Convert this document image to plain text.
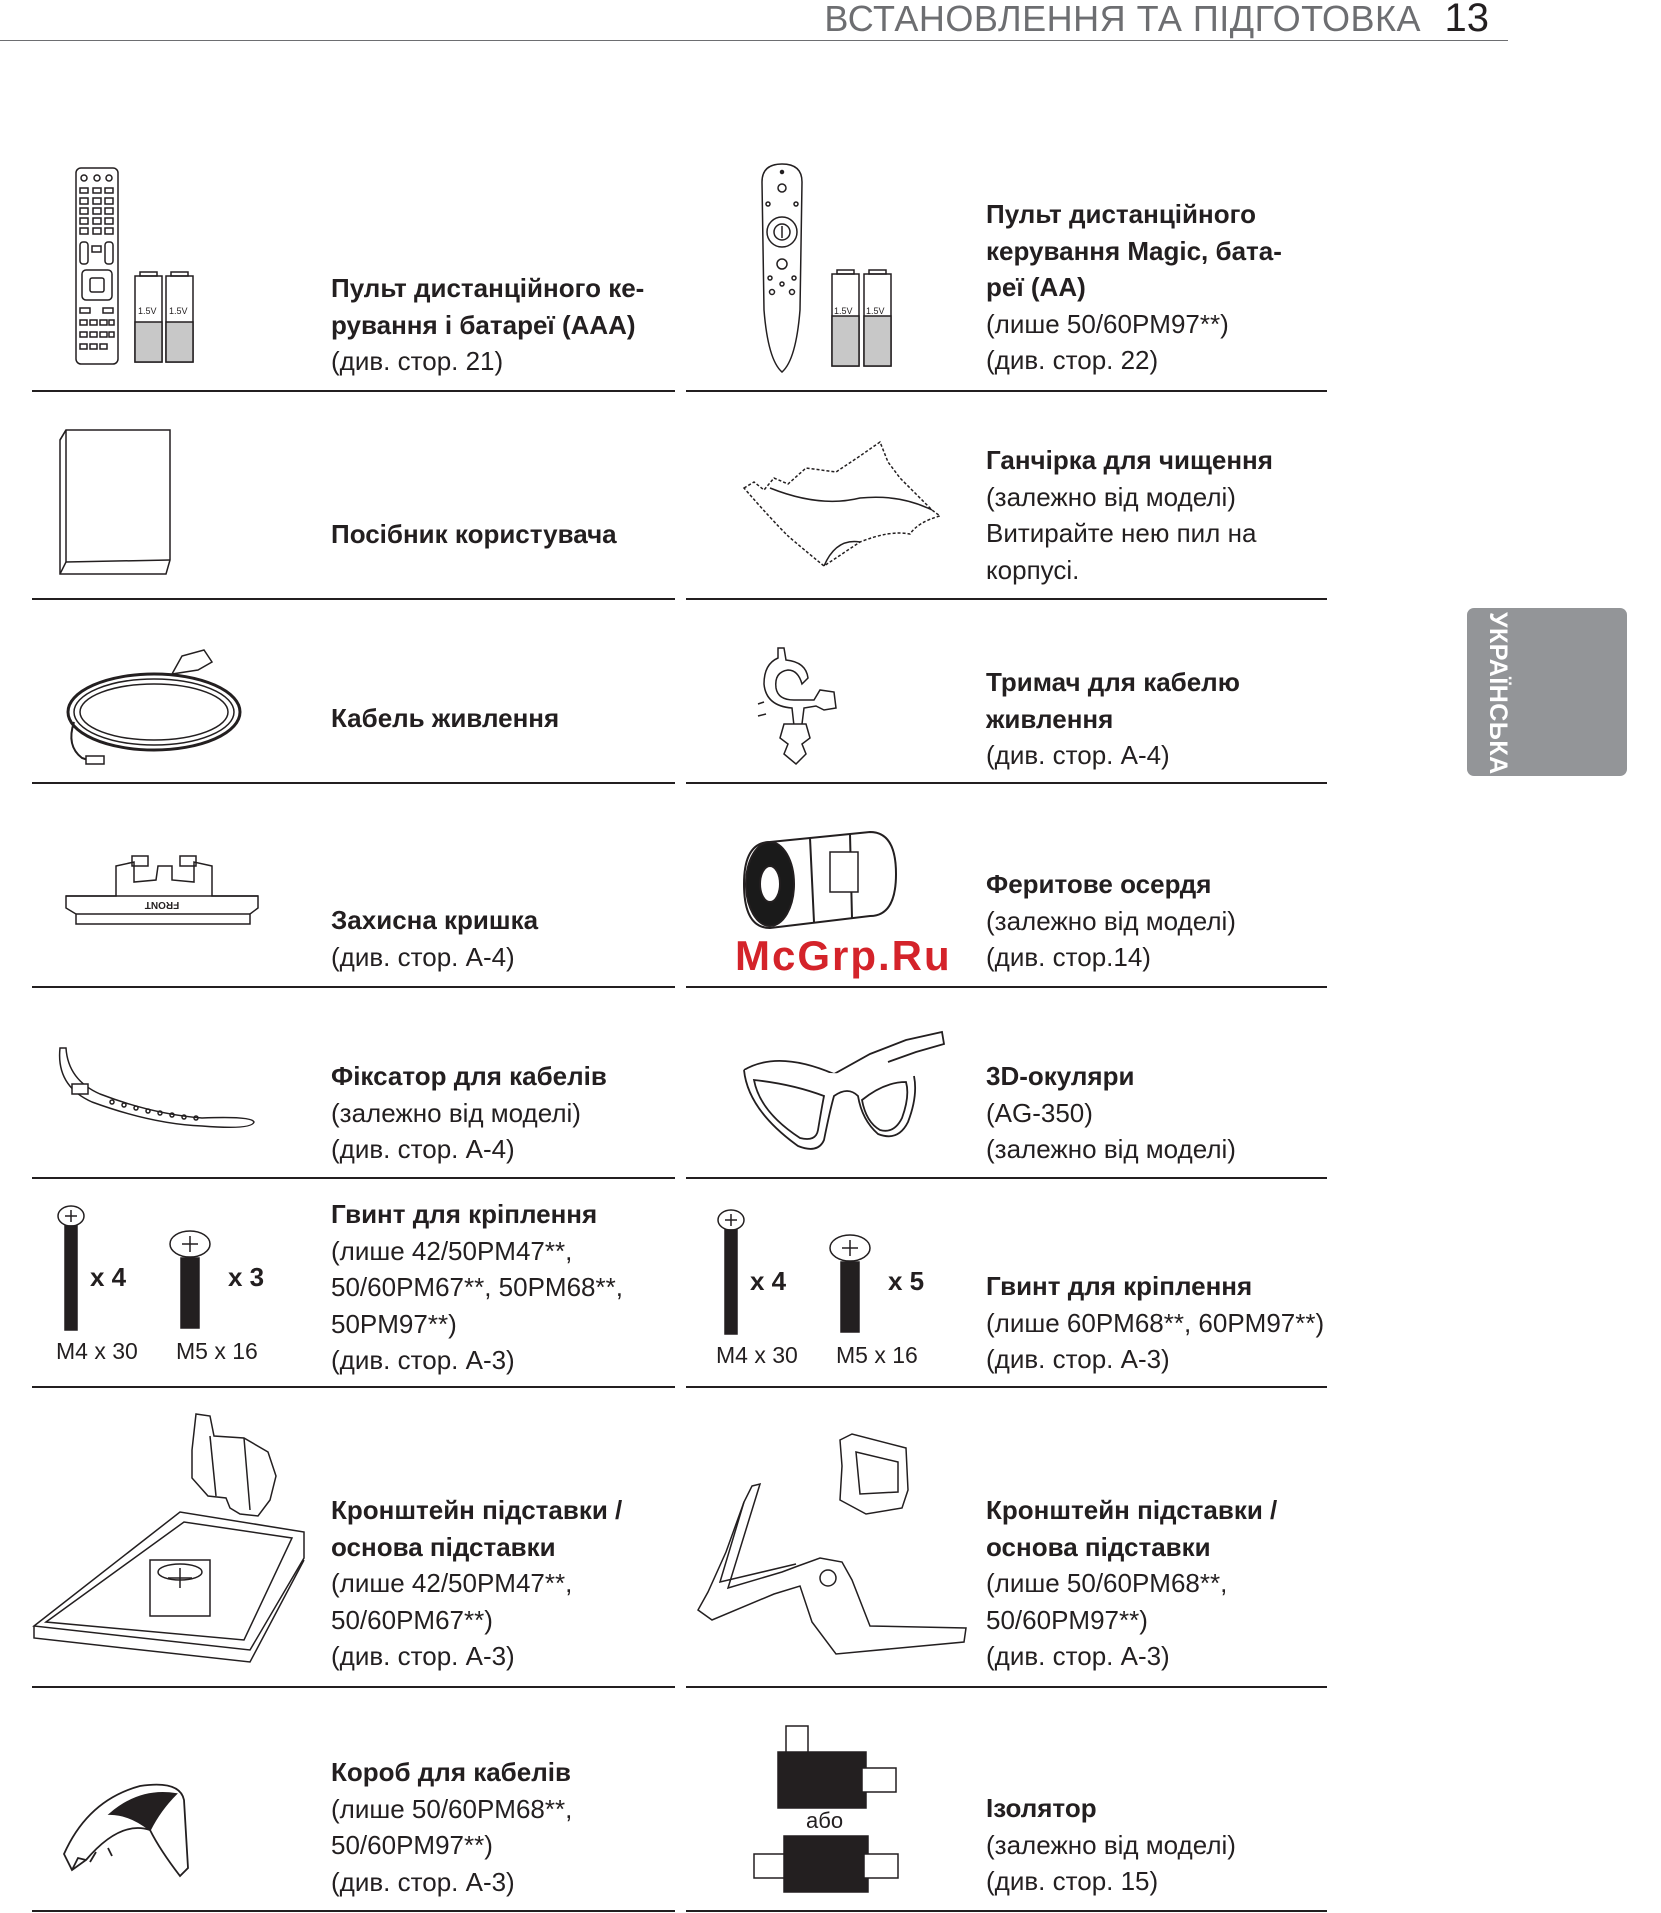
ВСТАНОВЛЕННЯ ТА ПІДГОТОВКА 13
УКРАЇНСЬКА
1.5V 1.5V
Пульт дистанційного ке-
рування і батареї (AAA)
(див. стор. 21)
1.5V 1.5V
Пульт дистанційного
керування Magic, бата-
реї (AA)
(лише 50/60PM97**)
(див. стор. 22)
Посібник користувача
Ганчірка для чищення
(залежно від моделі)
Витирайте нею пил на
корпусі.
Кабель живлення
Тримач для кабелю
живлення
(див. стор. A-4)
FRONT
Захисна кришка
(див. стор. A-4)	McGrp.Ru
Феритове осердя
(залежно від моделі)
(див. стор.14)
Фіксатор для кабелів
(залежно від моделі)
(див. стор. A-4)
3D-окуляри
(AG-350)
(залежно від моделі)
x 4
M4 x 30
x 3
M5 x 16
Гвинт для кріплення
(лише 42/50PM47**,
50/60PM67**, 50PM68**,
50PM97**)
(див. стор. A-3)
x 4
M4 x 30
x 5
M5 x 16
Гвинт для кріплення
(лише 60PM68**, 60PM97**)
(див. стор. A-3)
Кронштейн підставки /
основа підставки
(лише 42/50PM47**,
50/60PM67**)
(див. стор. A-3)
Кронштейн підставки /
основа підставки
(лише 50/60PM68**,
50/60PM97**)
(див. стор. A-3)
Короб для кабелів
(лише 50/60PM68**,
50/60PM97**)
(див. стор. A-3)
або	Ізолятор
(залежно від моделі)
(див. стор. 15)
